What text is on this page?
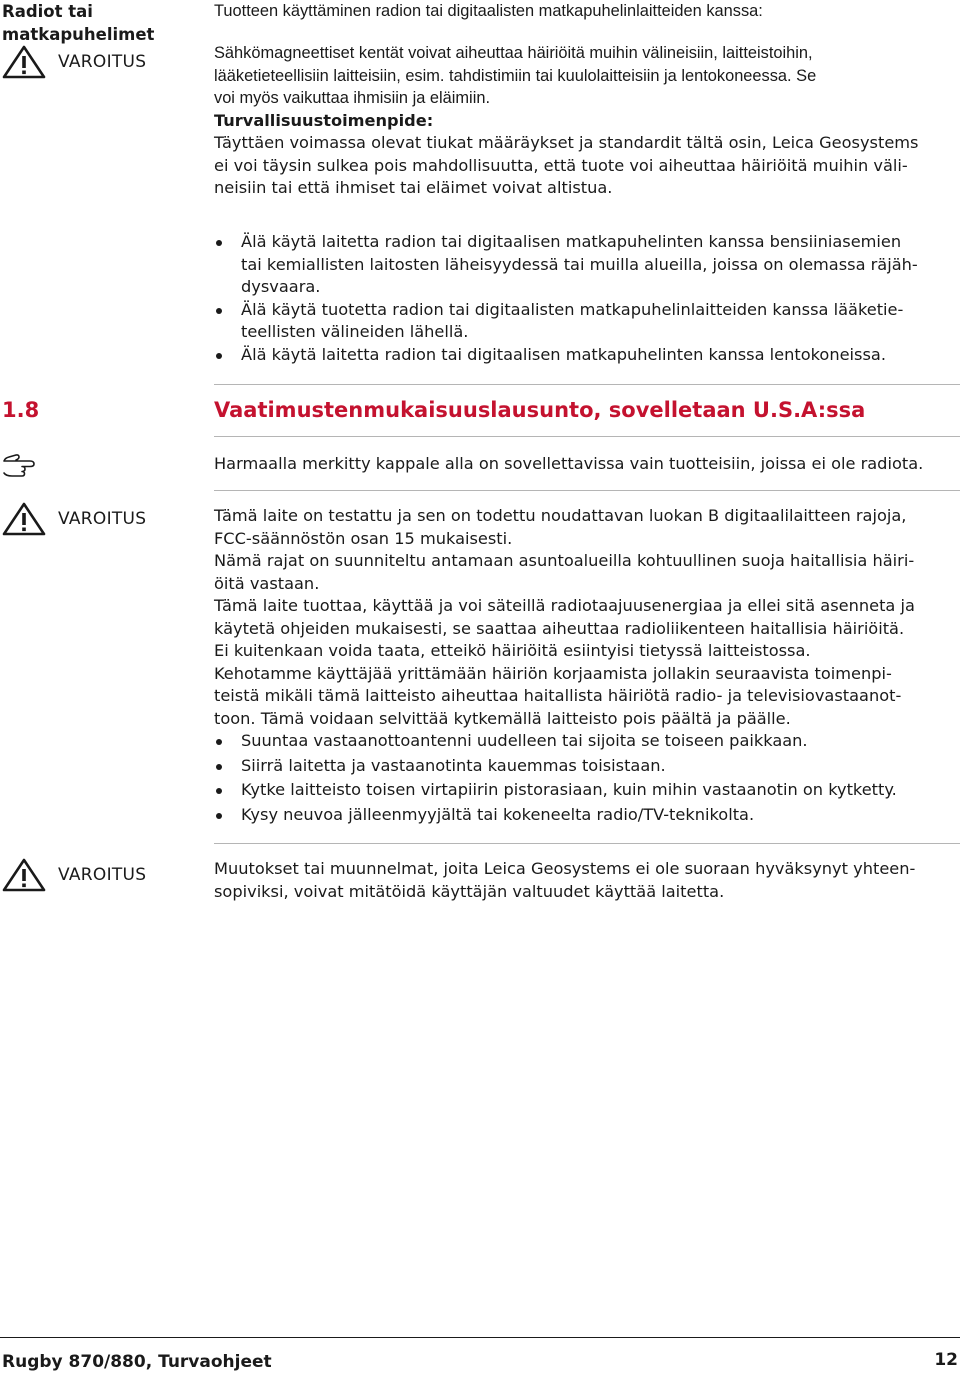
Radiot tai matkapuhelimet
Tuotteen käyttäminen radion tai digitaalisten matkapuhelinlaitteiden kanssa:
VAROITUS	Sähkömagneettiset kentät voivat aiheuttaa häiriöitä muihin välineisiin, laitteistoihin,

lääketieteellisiin laitteisiin, esim. tahdistimiin tai kuulolaitteisiin ja lentokoneessa. Se

voi myös vaikuttaa ihmisiin ja eläimiin.

Turvallisuustoimenpide:

Täyttäen voimassa olevat tiukat määräykset ja standardit tältä osin, Leica Geosystems

ei voi täysin sulkea pois mahdollisuutta, että tuote voi aiheuttaa häiriöitä muihin väli-

neisiin tai että ihmiset tai eläimet voivat altistua.

Älä käytä laitetta radion tai digitaalisen matkapuhelinten kanssa bensiiniasemien

tai kemiallisten laitosten läheisyydessä tai muilla alueilla, joissa on olemassa räjäh-

dysvaara.

Älä käytä tuotetta radion tai digitaalisten matkapuhelinlaitteiden kanssa lääketie-

teellisten välineiden lähellä.

Älä käytä laitetta radion tai digitaalisen matkapuhelinten kanssa lentokoneissa.

1.8	Vaatimustenmukaisuuslausunto, sovelletaan U.S.A:ssa
Harmaalla merkitty kappale alla on sovellettavissa vain tuotteisiin, joissa ei ole radiota.
VAROITUS	Tämä laite on testattu ja sen on todettu noudattavan luokan B digitaalilaitteen rajoja,

FCC-säännöstön osan 15 mukaisesti.

Nämä rajat on suunniteltu antamaan asuntoalueilla kohtuullinen suoja haitallisia häiri-

öitä vastaan.

Tämä laite tuottaa, käyttää ja voi säteillä radiotaajuusenergiaa ja ellei sitä asenneta ja

käytetä ohjeiden mukaisesti, se saattaa aiheuttaa radioliikenteen haitallisia häiriöitä.

Ei kuitenkaan voida taata, etteikö häiriöitä esiintyisi tietyssä laitteistossa.

Kehotamme käyttäjää yrittämään häiriön korjaamista jollakin seuraavista toimenpi-

teistä mikäli tämä laitteisto aiheuttaa haitallista häiriötä radio- ja televisiovastaanot-

toon. Tämä voidaan selvittää kytkemällä laitteisto pois päältä ja päälle.

Suuntaa vastaanottoantenni uudelleen tai sijoita se toiseen paikkaan.

Siirrä laitetta ja vastaanotinta kauemmas toisistaan.

Kytke laitteisto toisen virtapiirin pistorasiaan, kuin mihin vastaanotin on kytketty.

Kysy neuvoa jälleenmyyjältä tai kokeneelta radio/TV-teknikolta.

VAROITUS	Muutokset tai muunnelmat, joita Leica Geosystems ei ole suoraan hyväksynyt yhteen-

sopiviksi, voivat mitätöidä käyttäjän valtuudet käyttää laitetta.

Rugby 870/880, Turvaohjeet	12
